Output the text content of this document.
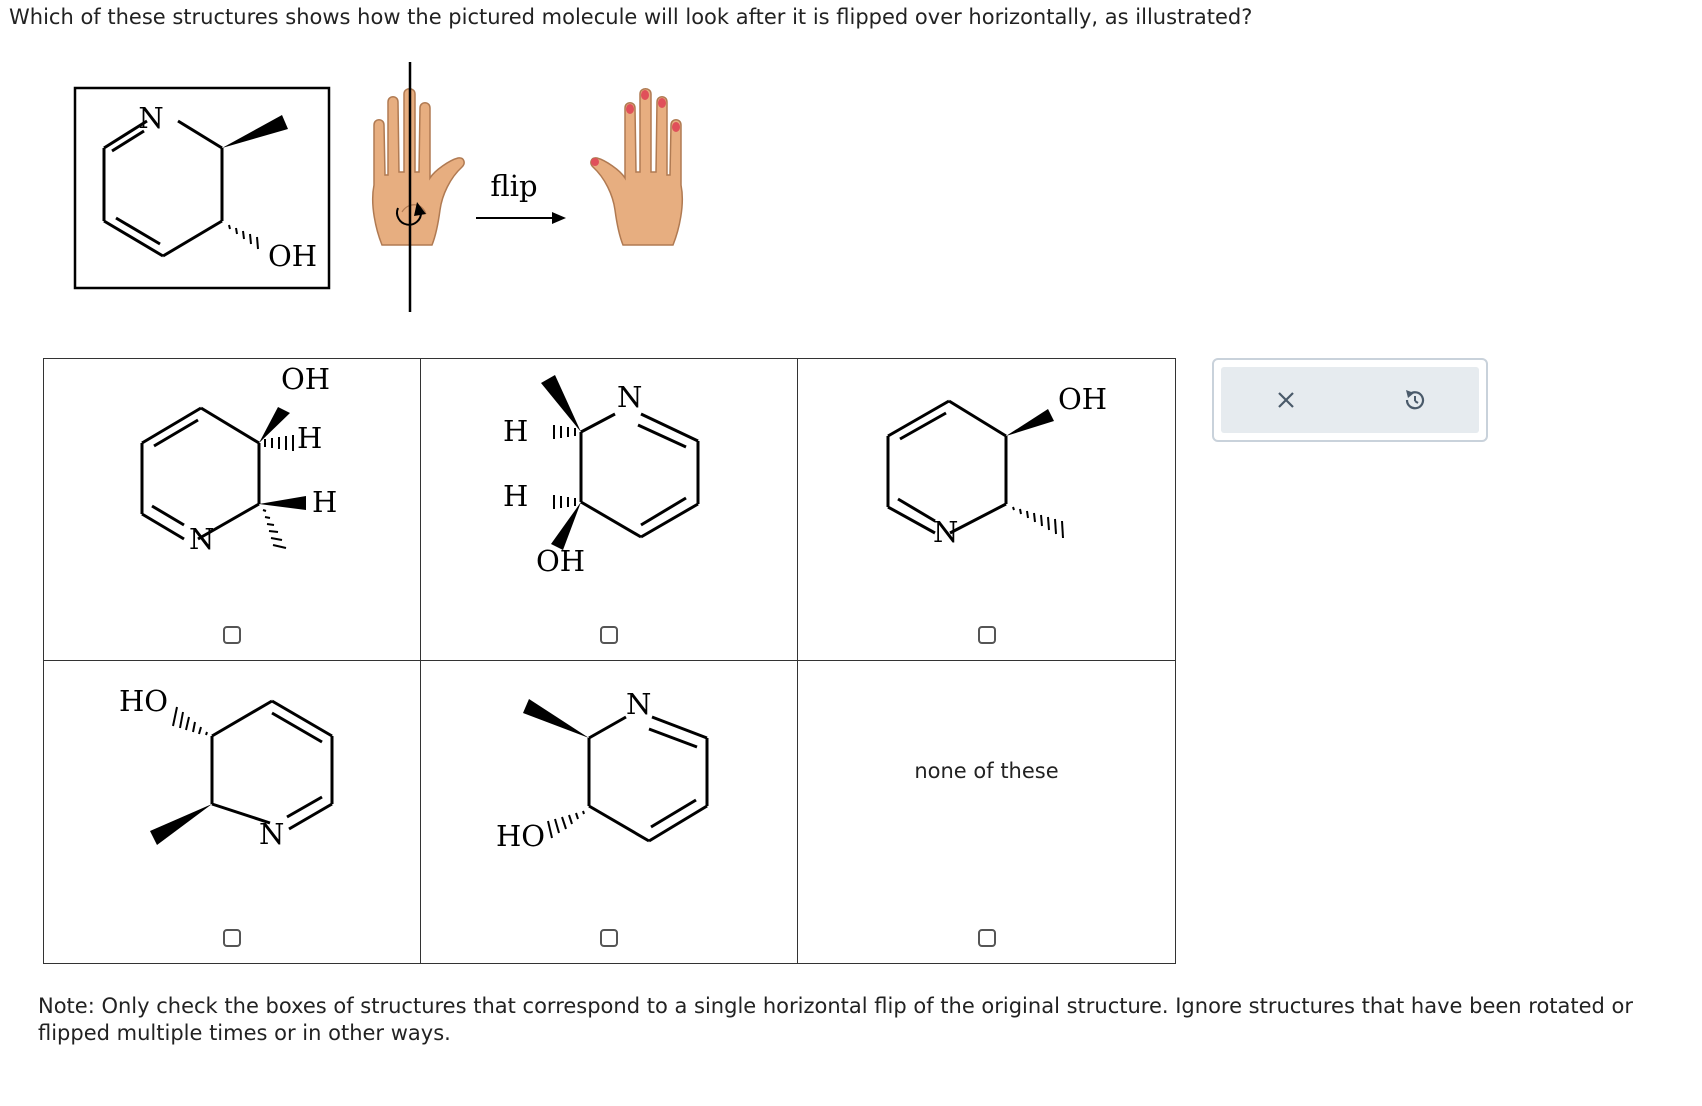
Which of these structures shows how the pictured molecule will look after it is flipped over horizontally, as illustrated?
N
OH
flip
OH
H
H
N
H
H
OH
N	OH
N
HO
N	HO
N
none of these
Note: Only check the boxes of structures that correspond to a single horizontal flip of the original structure. Ignore structures that have been rotated or flipped multiple times or in other ways.
